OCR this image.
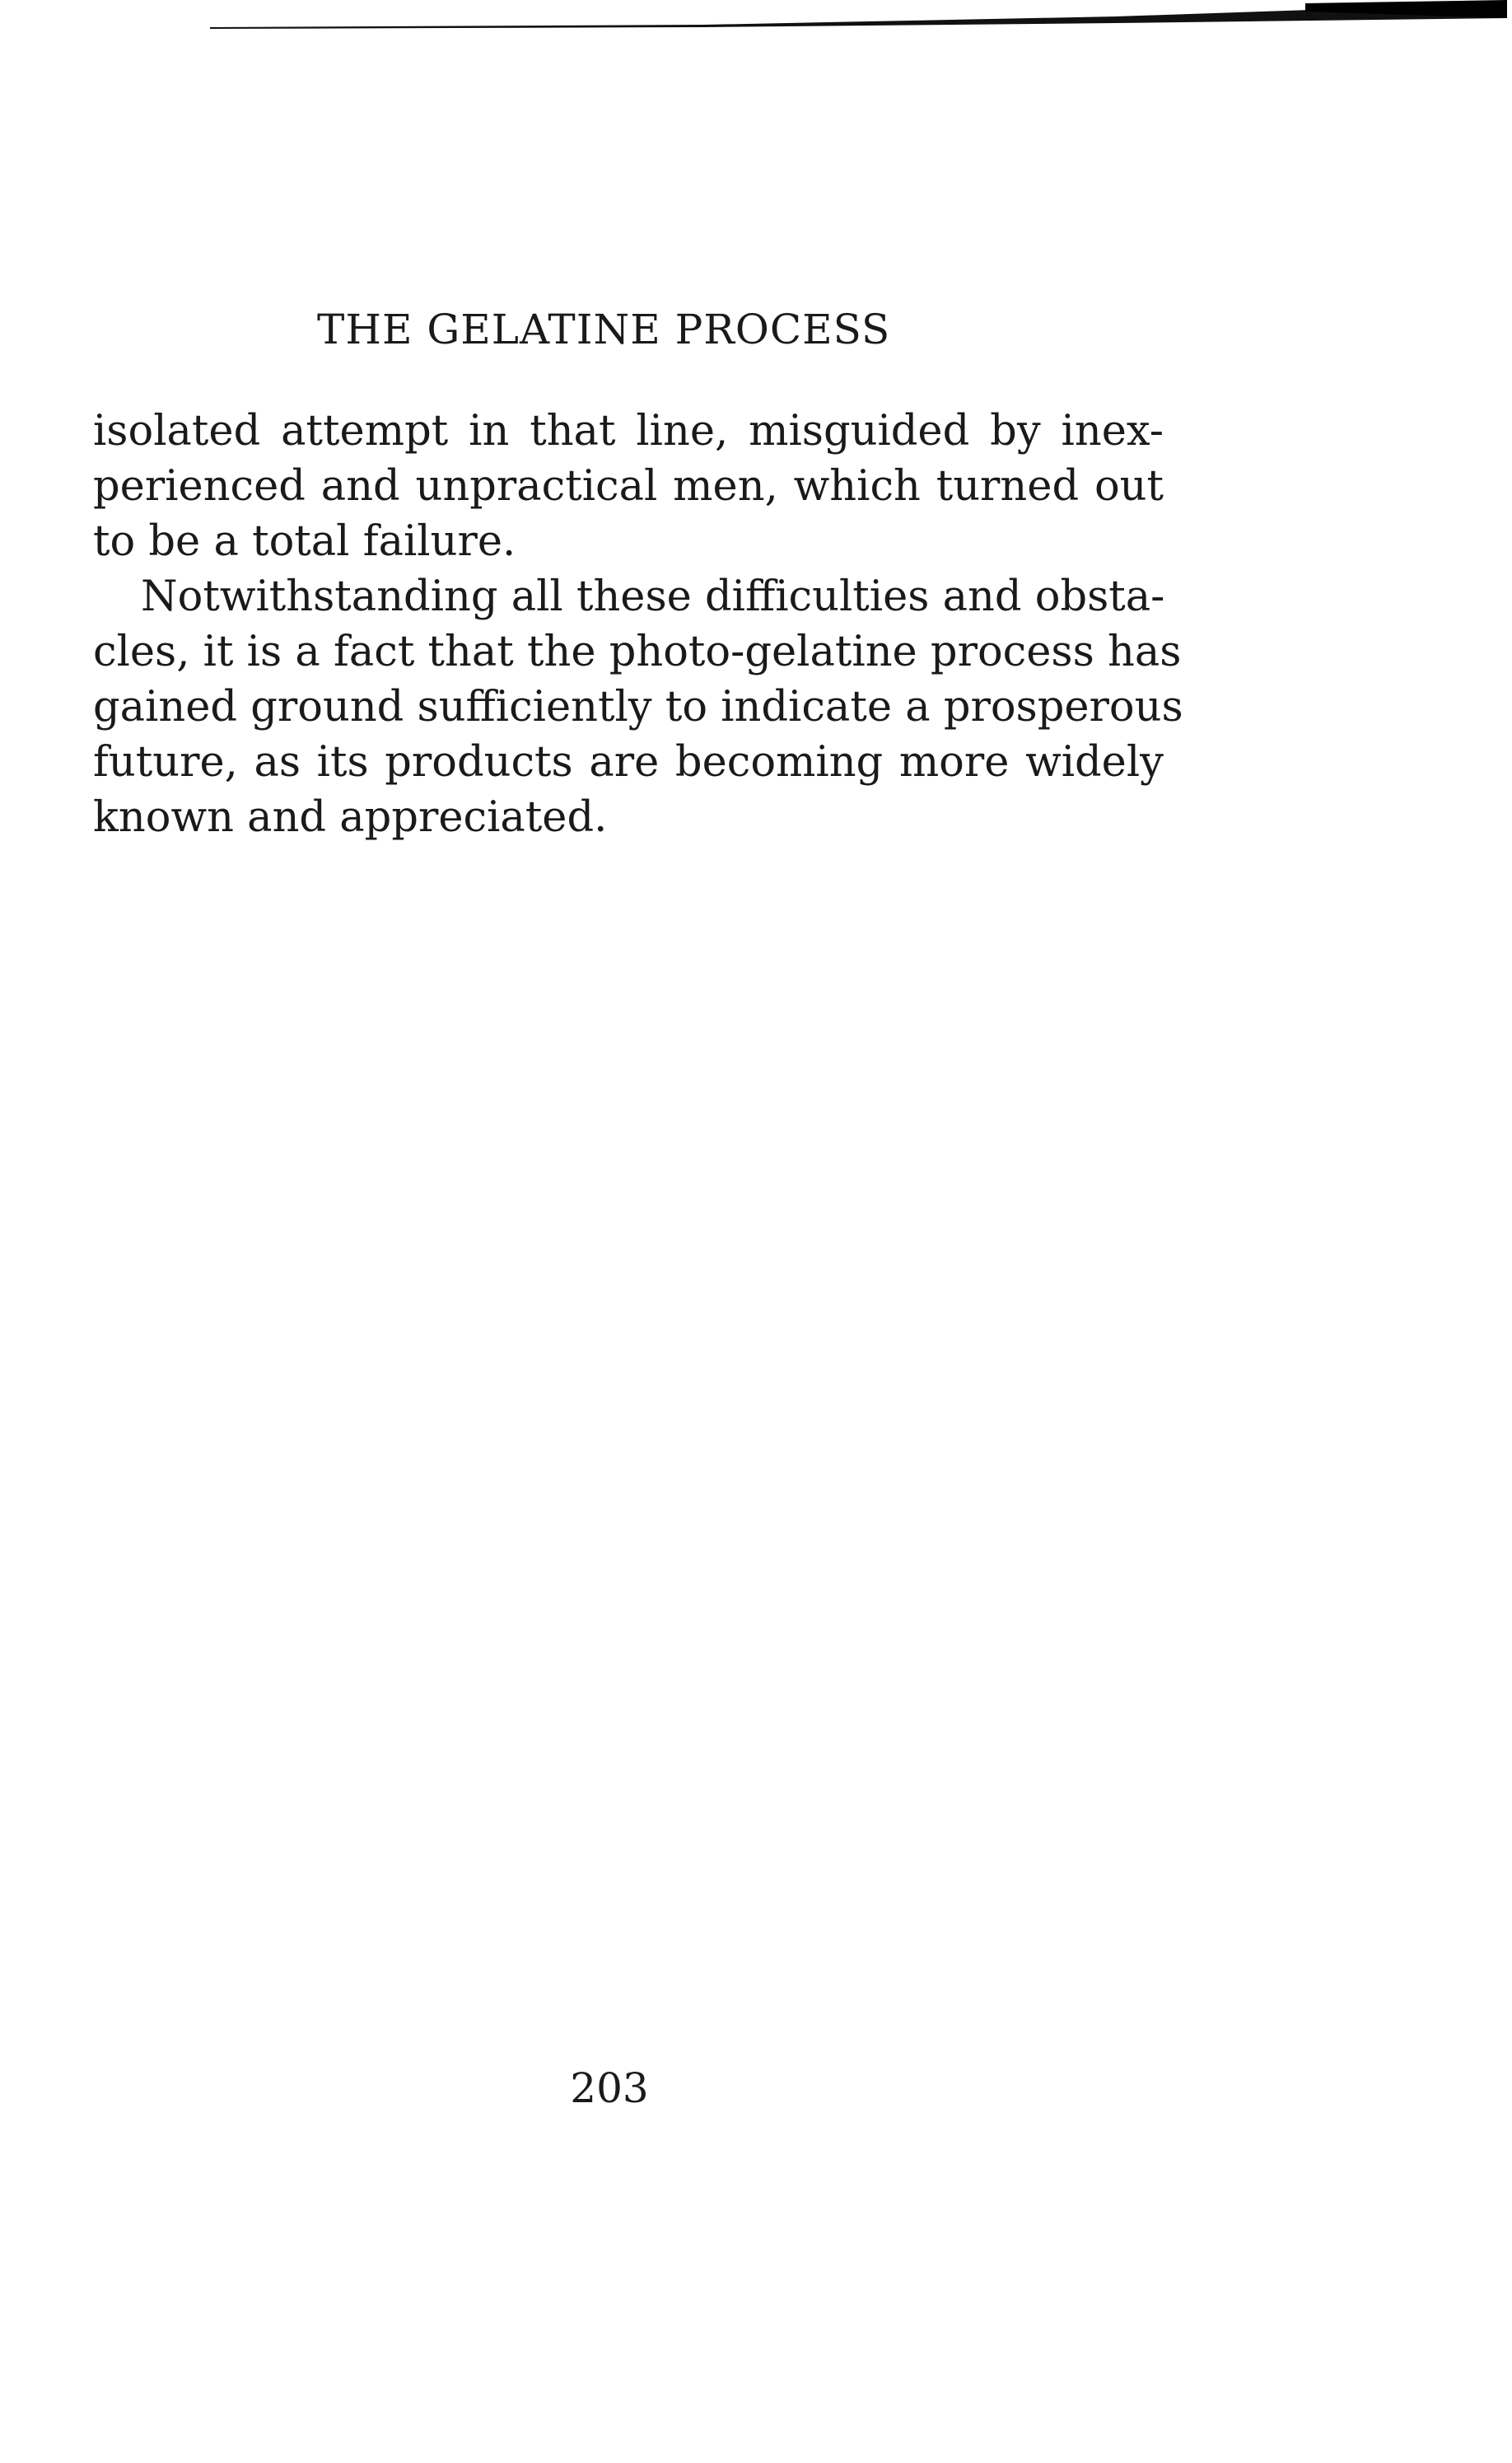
THE GELATINE PROCESS

isolated attempt in that line, misguided by inex-
perienced and unpractical men, which turned out
to be a total failure.

Notwithstanding all these difficulties and obsta-
cles, it is a fact that the photo-gelatine process has
gained ground sufficiently to indicate a prosperous
future, as its products are becoming more widely
known and appreciated.

203
